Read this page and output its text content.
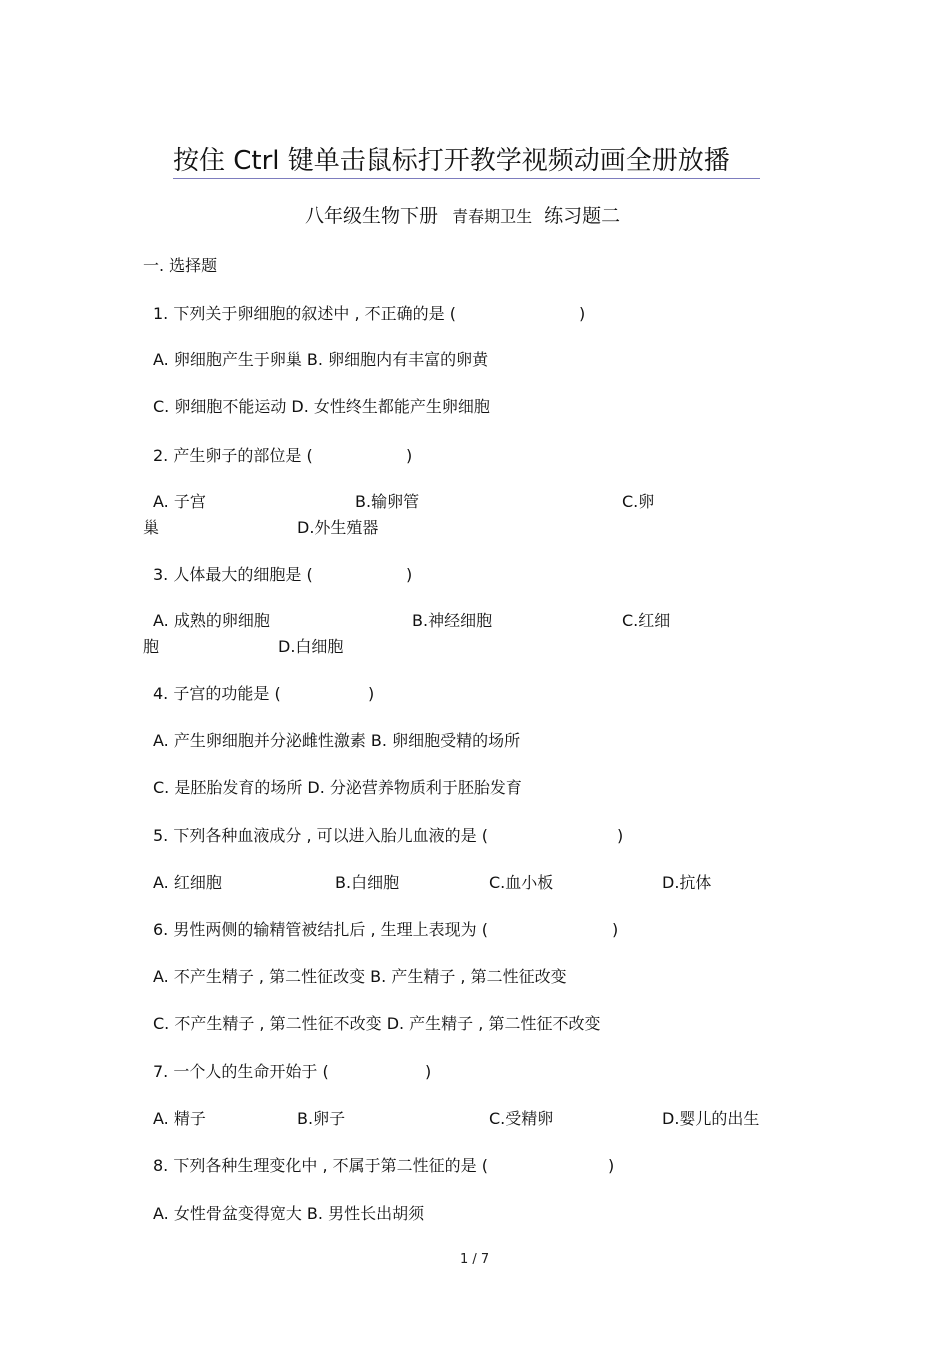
按住 Ctrl 键单击鼠标打开教学视频动画全册放播
八年级生物下册 青春期卫生 练习题二
一. 选择题
1. 下列关于卵细胞的叙述中 , 不正确的是 (	)
A. 卵细胞产生于卵巢 B. 卵细胞内有丰富的卵黄
C. 卵细胞不能运动 D. 女性终生都能产生卵细胞
2. 产生卵子的部位是 (	)
A. 子宫	B.输卵管	C.卵
巢	D.外生殖器
3. 人体最大的细胞是 (	)
A. 成熟的卵细胞	B.神经细胞	C.红细
胞	D.白细胞
4. 子宫的功能是 (	)
A. 产生卵细胞并分泌雌性激素 B. 卵细胞受精的场所
C. 是胚胎发育的场所 D. 分泌营养物质利于胚胎发育
5. 下列各种血液成分 , 可以进入胎儿血液的是 (	)
A. 红细胞	B.白细胞	C.血小板	D.抗体
6. 男性两侧的输精管被结扎后 , 生理上表现为 (	)
A. 不产生精子 , 第二性征改变 B. 产生精子 , 第二性征改变
C. 不产生精子 , 第二性征不改变 D. 产生精子 , 第二性征不改变
7. 一个人的生命开始于 (	)
A. 精子	B.卵子	C.受精卵	D.婴儿的出生
8. 下列各种生理变化中 , 不属于第二性征的是 (	)
A. 女性骨盆变得宽大 B. 男性长出胡须
1 / 7
